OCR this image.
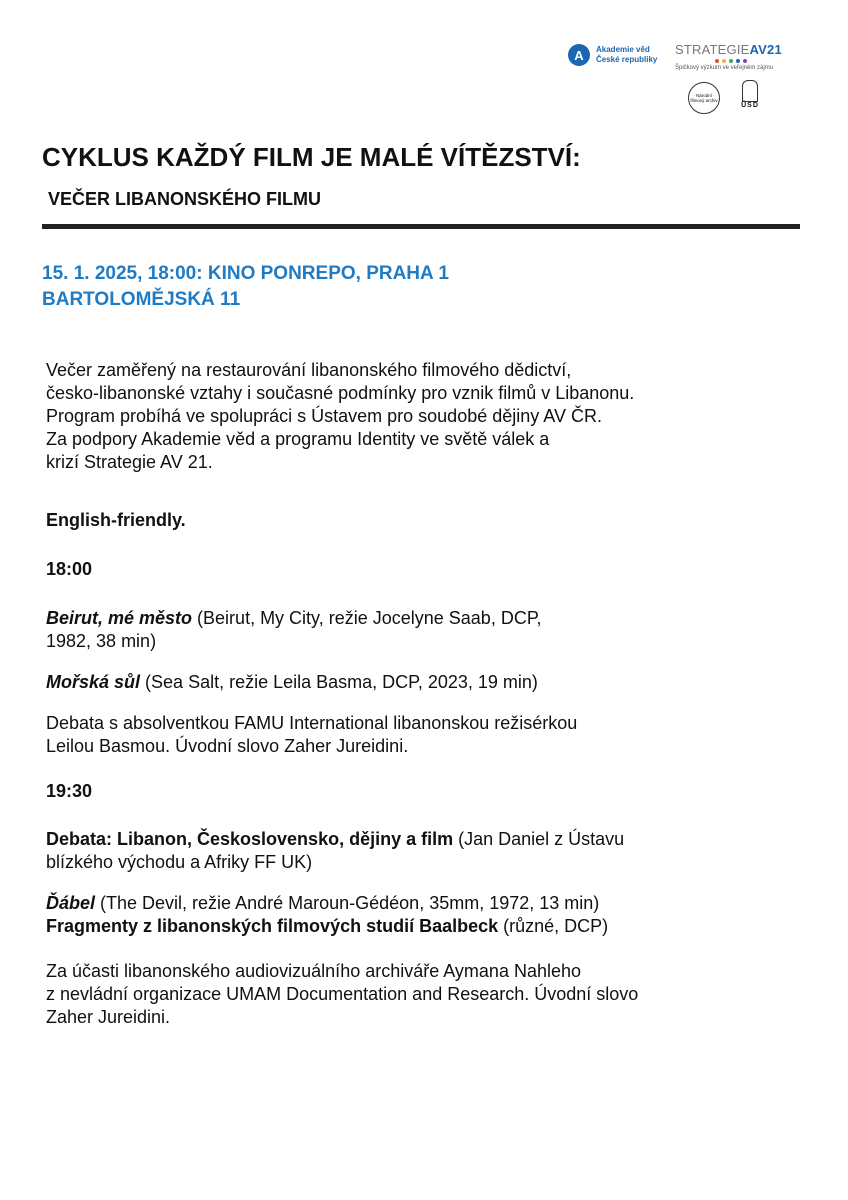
A	Akademie věd
České republiky
STRATEGIEAV21
Špičkový výzkum ve veřejném zájmu
Národní filmový archiv
ÚSD
CYKLUS KAŽDÝ FILM JE MALÉ VÍTĚZSTVÍ:
VEČER LIBANONSKÉHO FILMU
15. 1. 2025, 18:00: KINO PONREPO, PRAHA 1
BARTOLOMĚJSKÁ 11

Večer zaměřený na restaurování libanonského filmového dědictví,

česko-libanonské vztahy i současné podmínky pro vznik filmů v Libanonu.

Program probíhá ve spolupráci s Ústavem pro soudobé dějiny AV ČR.

Za podpory Akademie věd a programu Identity ve světě válek a

krizí Strategie AV 21.

English-friendly.

18:00

Beirut, mé město (Beirut, My City, režie Jocelyne Saab, DCP,

1982, 38 min)

Mořská sůl (Sea Salt, režie Leila Basma, DCP, 2023, 19 min)

Debata s absolventkou FAMU International libanonskou režisérkou

Leilou Basmou. Úvodní slovo Zaher Jureidini.

19:30

Debata: Libanon, Československo, dějiny a film (Jan Daniel z Ústavu

blízkého východu a Afriky FF UK)

Ďábel (The Devil, režie André Maroun-Gédéon, 35mm, 1972, 13 min)

Fragmenty z libanonských filmových studií Baalbeck (různé, DCP)

Za účasti libanonského audiovizuálního archiváře Aymana Nahleho

z nevládní organizace UMAM Documentation and Research. Úvodní slovo

Zaher Jureidini.
